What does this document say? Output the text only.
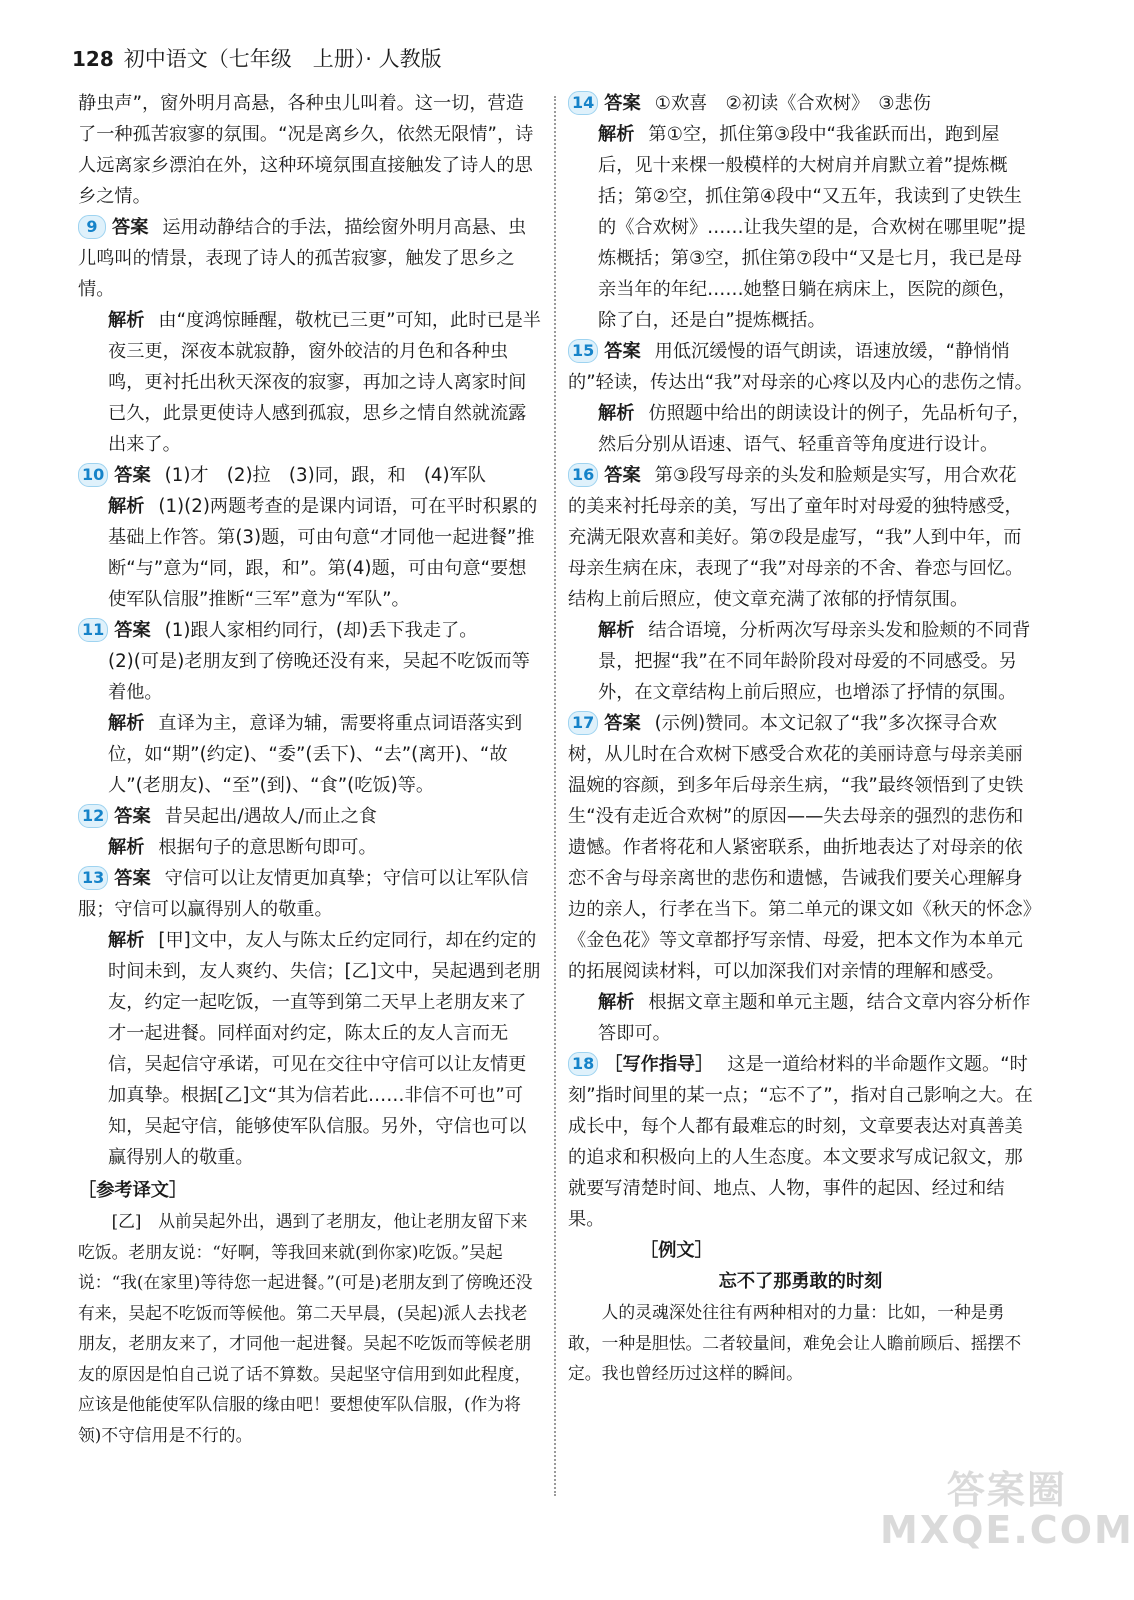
128 初中语文（七年级　上册）· 人教版

静虫声”，窗外明月高悬，各种虫儿叫着。这一切，营造了一种孤苦寂寥的氛围。“况是离乡久，依然无限情”，诗人远离家乡漂泊在外，这种环境氛围直接触发了诗人的思乡之情。

9 答案 运用动静结合的手法，描绘窗外明月高悬、虫儿鸣叫的情景，表现了诗人的孤苦寂寥，触发了思乡之情。

解析 由“度鸿惊睡醒，敬枕已三更”可知，此时已是半夜三更，深夜本就寂静，窗外皎洁的月色和各种虫鸣，更衬托出秋天深夜的寂寥，再加之诗人离家时间已久，此景更使诗人感到孤寂，思乡之情自然就流露出来了。

10 答案 (1)才　(2)拉　(3)同，跟，和　(4)军队

解析 (1)(2)两题考查的是课内词语，可在平时积累的基础上作答。第(3)题，可由句意“才同他一起进餐”推断“与”意为“同，跟，和”。第(4)题，可由句意“要想使军队信服”推断“三军”意为“军队”。

11 答案 (1)跟人家相约同行，(却)丢下我走了。

(2)(可是)老朋友到了傍晚还没有来，吴起不吃饭而等着他。

解析 直译为主，意译为辅，需要将重点词语落实到位，如“期”(约定)、“委”(丢下)、“去”(离开)、“故人”(老朋友)、“至”(到)、“食”(吃饭)等。

12 答案 昔吴起出/遇故人/而止之食

解析 根据句子的意思断句即可。

13 答案 守信可以让友情更加真挚；守信可以让军队信服；守信可以赢得别人的敬重。

解析 [甲]文中，友人与陈太丘约定同行，却在约定的时间未到，友人爽约、失信；[乙]文中，吴起遇到老朋友，约定一起吃饭，一直等到第二天早上老朋友来了才一起进餐。同样面对约定，陈太丘的友人言而无信，吴起信守承诺，可见在交往中守信可以让友情更加真挚。根据[乙]文“其为信若此……非信不可也”可知，吴起守信，能够使军队信服。另外，守信也可以赢得别人的敬重。

［参考译文］

[乙]　从前吴起外出，遇到了老朋友，他让老朋友留下来吃饭。老朋友说：“好啊，等我回来就(到你家)吃饭。”吴起说：“我(在家里)等待您一起进餐。”(可是)老朋友到了傍晚还没有来，吴起不吃饭而等候他。第二天早晨，(吴起)派人去找老朋友，老朋友来了，才同他一起进餐。吴起不吃饭而等候老朋友的原因是怕自己说了话不算数。吴起坚守信用到如此程度，应该是他能使军队信服的缘由吧！要想使军队信服，(作为将领)不守信用是不行的。

14 答案 ①欢喜　②初读《合欢树》　③悲伤

解析 第①空，抓住第③段中“我雀跃而出，跑到屋后，见十来棵一般模样的大树肩并肩默立着”提炼概括；第②空，抓住第④段中“又五年，我读到了史铁生的《合欢树》……让我失望的是，合欢树在哪里呢”提炼概括；第③空，抓住第⑦段中“又是七月，我已是母亲当年的年纪……她整日躺在病床上，医院的颜色，除了白，还是白”提炼概括。

15 答案 用低沉缓慢的语气朗读，语速放缓，“静悄悄的”轻读，传达出“我”对母亲的心疼以及内心的悲伤之情。

解析 仿照题中给出的朗读设计的例子，先品析句子，然后分别从语速、语气、轻重音等角度进行设计。

16 答案 第③段写母亲的头发和脸颊是实写，用合欢花的美来衬托母亲的美，写出了童年时对母爱的独特感受，充满无限欢喜和美好。第⑦段是虚写，“我”人到中年，而母亲生病在床，表现了“我”对母亲的不舍、眷恋与回忆。结构上前后照应，使文章充满了浓郁的抒情氛围。

解析 结合语境，分析两次写母亲头发和脸颊的不同背景，把握“我”在不同年龄阶段对母爱的不同感受。另外，在文章结构上前后照应，也增添了抒情的氛围。

17 答案 (示例)赞同。本文记叙了“我”多次探寻合欢树，从儿时在合欢树下感受合欢花的美丽诗意与母亲美丽温婉的容颜，到多年后母亲生病，“我”最终领悟到了史铁生“没有走近合欢树”的原因——失去母亲的强烈的悲伤和遗憾。作者将花和人紧密联系，曲折地表达了对母亲的依恋不舍与母亲离世的悲伤和遗憾，告诫我们要关心理解身边的亲人，行孝在当下。第二单元的课文如《秋天的怀念》《金色花》等文章都抒写亲情、母爱，把本文作为本单元的拓展阅读材料，可以加深我们对亲情的理解和感受。

解析 根据文章主题和单元主题，结合文章内容分析作答即可。

18 ［写作指导］ 这是一道给材料的半命题作文题。“时刻”指时间里的某一点；“忘不了”，指对自己影响之大。在成长中，每个人都有最难忘的时刻，文章要表达对真善美的追求和积极向上的人生态度。本文要求写成记叙文，那就要写清楚时间、地点、人物，事件的起因、经过和结果。

［例文］

忘不了那勇敢的时刻

人的灵魂深处往往有两种相对的力量：比如，一种是勇敢，一种是胆怯。二者较量间，难免会让人瞻前顾后、摇摆不定。我也曾经历过这样的瞬间。

答案圈
MXQE.COM
